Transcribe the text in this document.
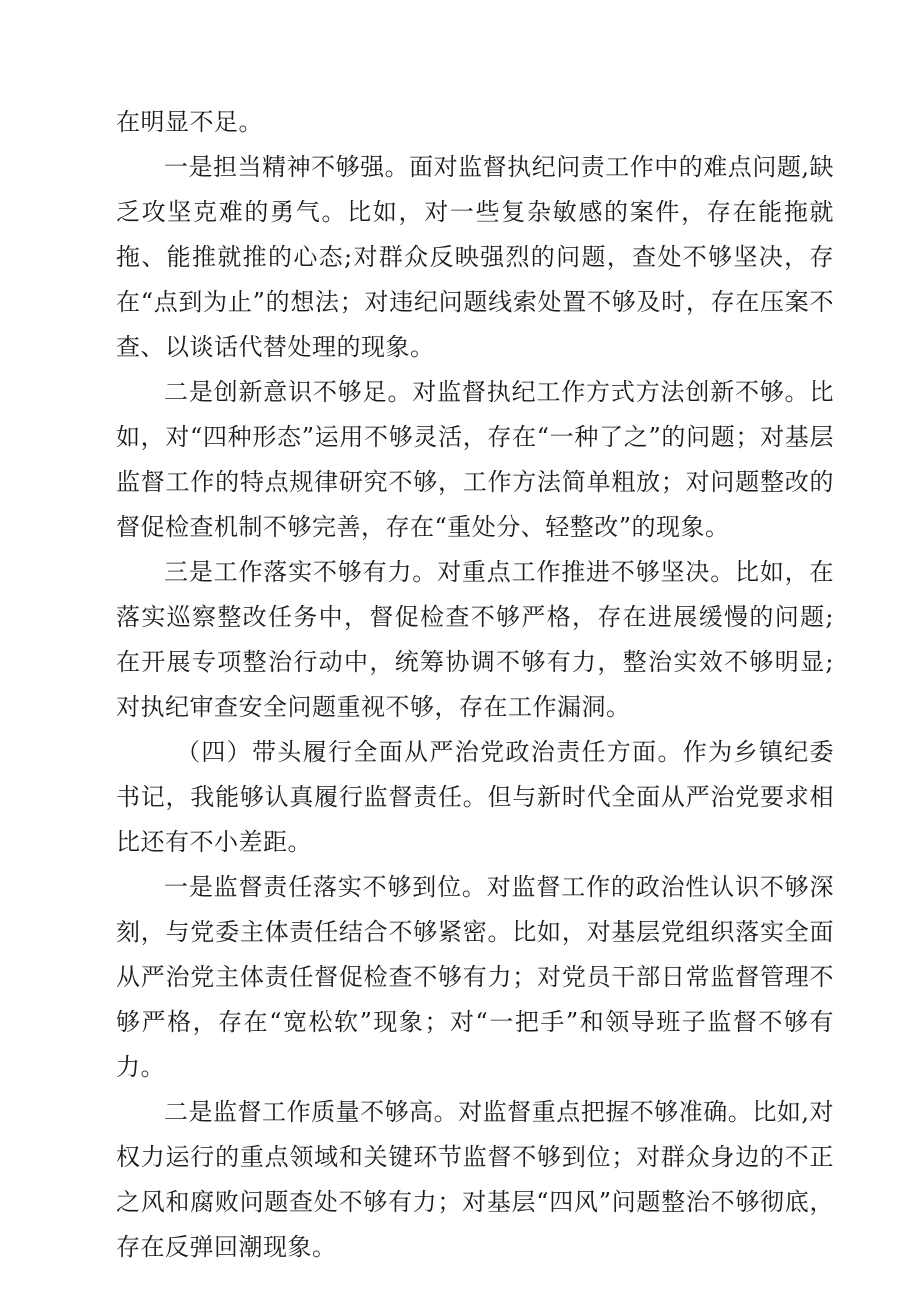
在明显不足。

一是担当精神不够强。面对监督执纪问责工作中的难点问题,缺乏攻坚克难的勇气。比如，对一些复杂敏感的案件，存在能拖就拖、能推就推的心态;对群众反映强烈的问题，查处不够坚决，存在“点到为止”的想法；对违纪问题线索处置不够及时，存在压案不查、以谈话代替处理的现象。

二是创新意识不够足。对监督执纪工作方式方法创新不够。比如，对“四种形态”运用不够灵活，存在“一种了之”的问题；对基层监督工作的特点规律研究不够，工作方法简单粗放；对问题整改的督促检查机制不够完善，存在“重处分、轻整改”的现象。

三是工作落实不够有力。对重点工作推进不够坚决。比如，在落实巡察整改任务中，督促检查不够严格，存在进展缓慢的问题;在开展专项整治行动中，统筹协调不够有力，整治实效不够明显;对执纪审查安全问题重视不够，存在工作漏洞。

（四）带头履行全面从严治党政治责任方面。作为乡镇纪委书记，我能够认真履行监督责任。但与新时代全面从严治党要求相比还有不小差距。

一是监督责任落实不够到位。对监督工作的政治性认识不够深刻，与党委主体责任结合不够紧密。比如，对基层党组织落实全面从严治党主体责任督促检查不够有力；对党员干部日常监督管理不够严格，存在“宽松软”现象；对“一把手”和领导班子监督不够有力。

二是监督工作质量不够高。对监督重点把握不够准确。比如,对权力运行的重点领域和关键环节监督不够到位；对群众身边的不正之风和腐败问题查处不够有力；对基层“四风”问题整治不够彻底，存在反弹回潮现象。
